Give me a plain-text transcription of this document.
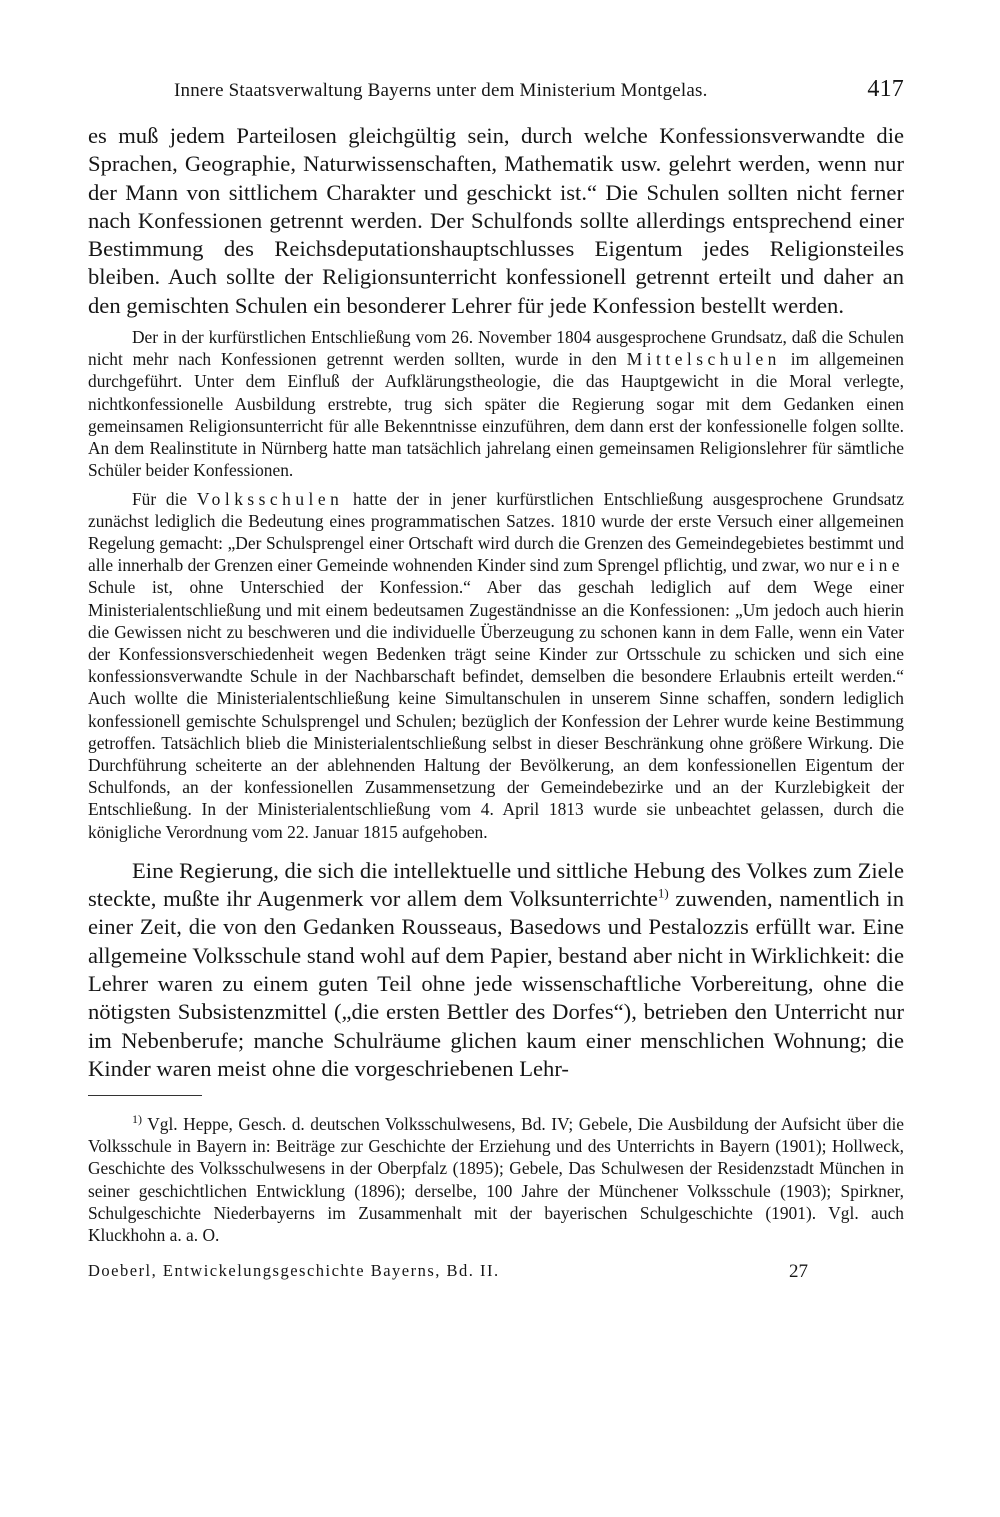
Innere Staatsverwaltung Bayerns unter dem Ministerium Montgelas.	417

es muß jedem Parteilosen gleichgültig sein, durch welche Konfessionsverwandte die Sprachen, Geographie, Naturwissenschaften, Mathematik usw. gelehrt werden, wenn nur der Mann von sittlichem Charakter und geschickt ist.“ Die Schulen sollten nicht ferner nach Konfessionen getrennt werden. Der Schulfonds sollte allerdings entsprechend einer Bestimmung des Reichsdeputationshauptschlusses Eigentum jedes Religionsteiles bleiben. Auch sollte der Religionsunterricht konfessionell getrennt erteilt und daher an den gemischten Schulen ein besonderer Lehrer für jede Konfession bestellt werden.

Der in der kurfürstlichen Entschließung vom 26. November 1804 ausgesprochene Grundsatz, daß die Schulen nicht mehr nach Konfessionen getrennt werden sollten, wurde in den Mittelschulen im allgemeinen durchgeführt. Unter dem Einfluß der Aufklärungstheologie, die das Hauptgewicht in die Moral verlegte, nichtkonfessionelle Ausbildung erstrebte, trug sich später die Regierung sogar mit dem Gedanken einen gemeinsamen Religionsunterricht für alle Bekenntnisse einzuführen, dem dann erst der konfessionelle folgen sollte. An dem Realinstitute in Nürnberg hatte man tatsächlich jahrelang einen gemeinsamen Religionslehrer für sämtliche Schüler beider Konfessionen.

Für die Volksschulen hatte der in jener kurfürstlichen Entschließung ausgesprochene Grundsatz zunächst lediglich die Bedeutung eines programmatischen Satzes. 1810 wurde der erste Versuch einer allgemeinen Regelung gemacht: „Der Schulsprengel einer Ortschaft wird durch die Grenzen des Gemeindegebietes bestimmt und alle innerhalb der Grenzen einer Gemeinde wohnenden Kinder sind zum Sprengel pflichtig, und zwar, wo nur eine Schule ist, ohne Unterschied der Konfession.“ Aber das geschah lediglich auf dem Wege einer Ministerialentschließung und mit einem bedeutsamen Zugeständnisse an die Konfessionen: „Um jedoch auch hierin die Gewissen nicht zu beschweren und die individuelle Überzeugung zu schonen kann in dem Falle, wenn ein Vater der Konfessionsverschiedenheit wegen Bedenken trägt seine Kinder zur Ortsschule zu schicken und sich eine konfessionsverwandte Schule in der Nachbarschaft befindet, demselben die besondere Erlaubnis erteilt werden.“ Auch wollte die Ministerialentschließung keine Simultanschulen in unserem Sinne schaffen, sondern lediglich konfessionell gemischte Schulsprengel und Schulen; bezüglich der Konfession der Lehrer wurde keine Bestimmung getroffen. Tatsächlich blieb die Ministerialentschließung selbst in dieser Beschränkung ohne größere Wirkung. Die Durchführung scheiterte an der ablehnenden Haltung der Bevölkerung, an dem konfessionellen Eigentum der Schulfonds, an der konfessionellen Zusammensetzung der Gemeindebezirke und an der Kurzlebigkeit der Entschließung. In der Ministerialentschließung vom 4. April 1813 wurde sie unbeachtet gelassen, durch die königliche Verordnung vom 22. Januar 1815 aufgehoben.

Eine Regierung, die sich die intellektuelle und sittliche Hebung des Volkes zum Ziele steckte, mußte ihr Augenmerk vor allem dem Volksunterrichte$^{1)}$ zuwenden, namentlich in einer Zeit, die von den Gedanken Rousseaus, Basedows und Pestalozzis erfüllt war. Eine allgemeine Volksschule stand wohl auf dem Papier, bestand aber nicht in Wirklichkeit: die Lehrer waren zu einem guten Teil ohne jede wissenschaftliche Vorbereitung, ohne die nötigsten Subsistenzmittel („die ersten Bettler des Dorfes“), betrieben den Unterricht nur im Nebenberufe; manche Schulräume glichen kaum einer menschlichen Wohnung; die Kinder waren meist ohne die vorgeschriebenen Lehr-

$^{1)}$ Vgl. Heppe, Gesch. d. deutschen Volksschulwesens, Bd. IV; Gebele, Die Ausbildung der Aufsicht über die Volksschule in Bayern in: Beiträge zur Geschichte der Erziehung und des Unterrichts in Bayern (1901); Hollweck, Geschichte des Volksschulwesens in der Oberpfalz (1895); Gebele, Das Schulwesen der Residenzstadt München in seiner geschichtlichen Entwicklung (1896); derselbe, 100 Jahre der Münchener Volksschule (1903); Spirkner, Schulgeschichte Niederbayerns im Zusammenhalt mit der bayerischen Schulgeschichte (1901). Vgl. auch Kluckhohn a. a. O.

Doeberl, Entwickelungsgeschichte Bayerns, Bd. II.	27
